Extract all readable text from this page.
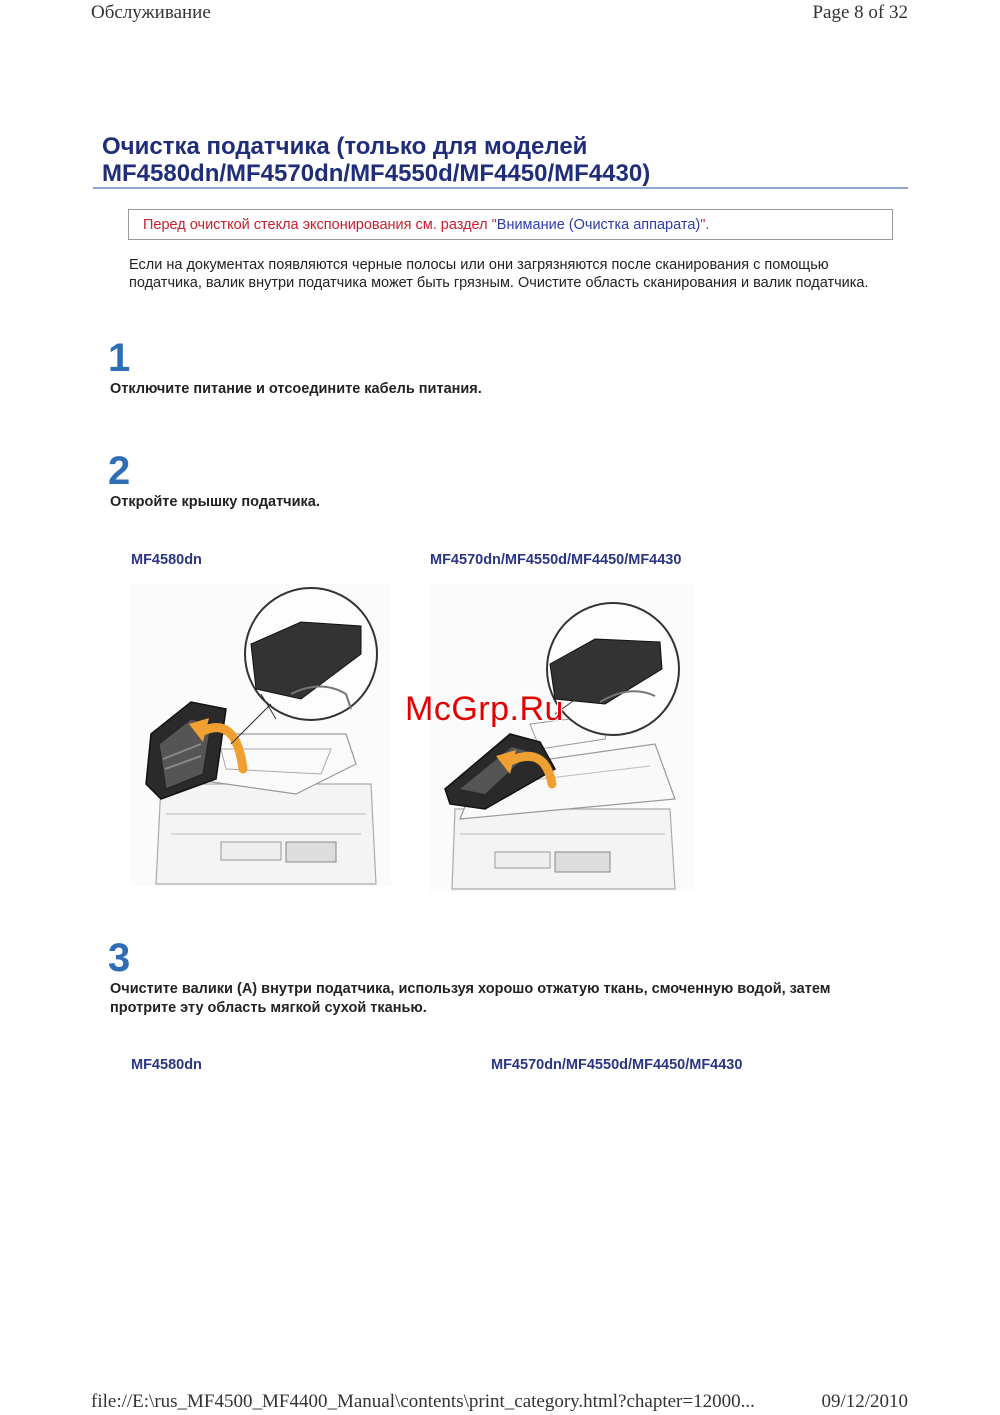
Обслуживание	Page 8 of 32
Очистка податчика (только для моделей MF4580dn/MF4570dn/MF4550d/MF4450/MF4430)
Перед очисткой стекла экспонирования см. раздел "Внимание (Очистка аппарата)".
Если на документах появляются черные полосы или они загрязняются после сканирования с помощью податчика, валик внутри податчика может быть грязным. Очистите область сканирования и валик податчика.
1
Отключите питание и отсоедините кабель питания.
2
Откройте крышку податчика.
MF4580dn	MF4570dn/MF4550d/MF4450/MF4430
McGrp.Ru
3
Очистите валики (A) внутри податчика, используя хорошо отжатую ткань, смоченную водой, затем протрите эту область мягкой сухой тканью.
MF4580dn	MF4570dn/MF4550d/MF4450/MF4430
file://E:\rus_MF4500_MF4400_Manual\contents\print_category.html?chapter=12000...	09/12/2010
